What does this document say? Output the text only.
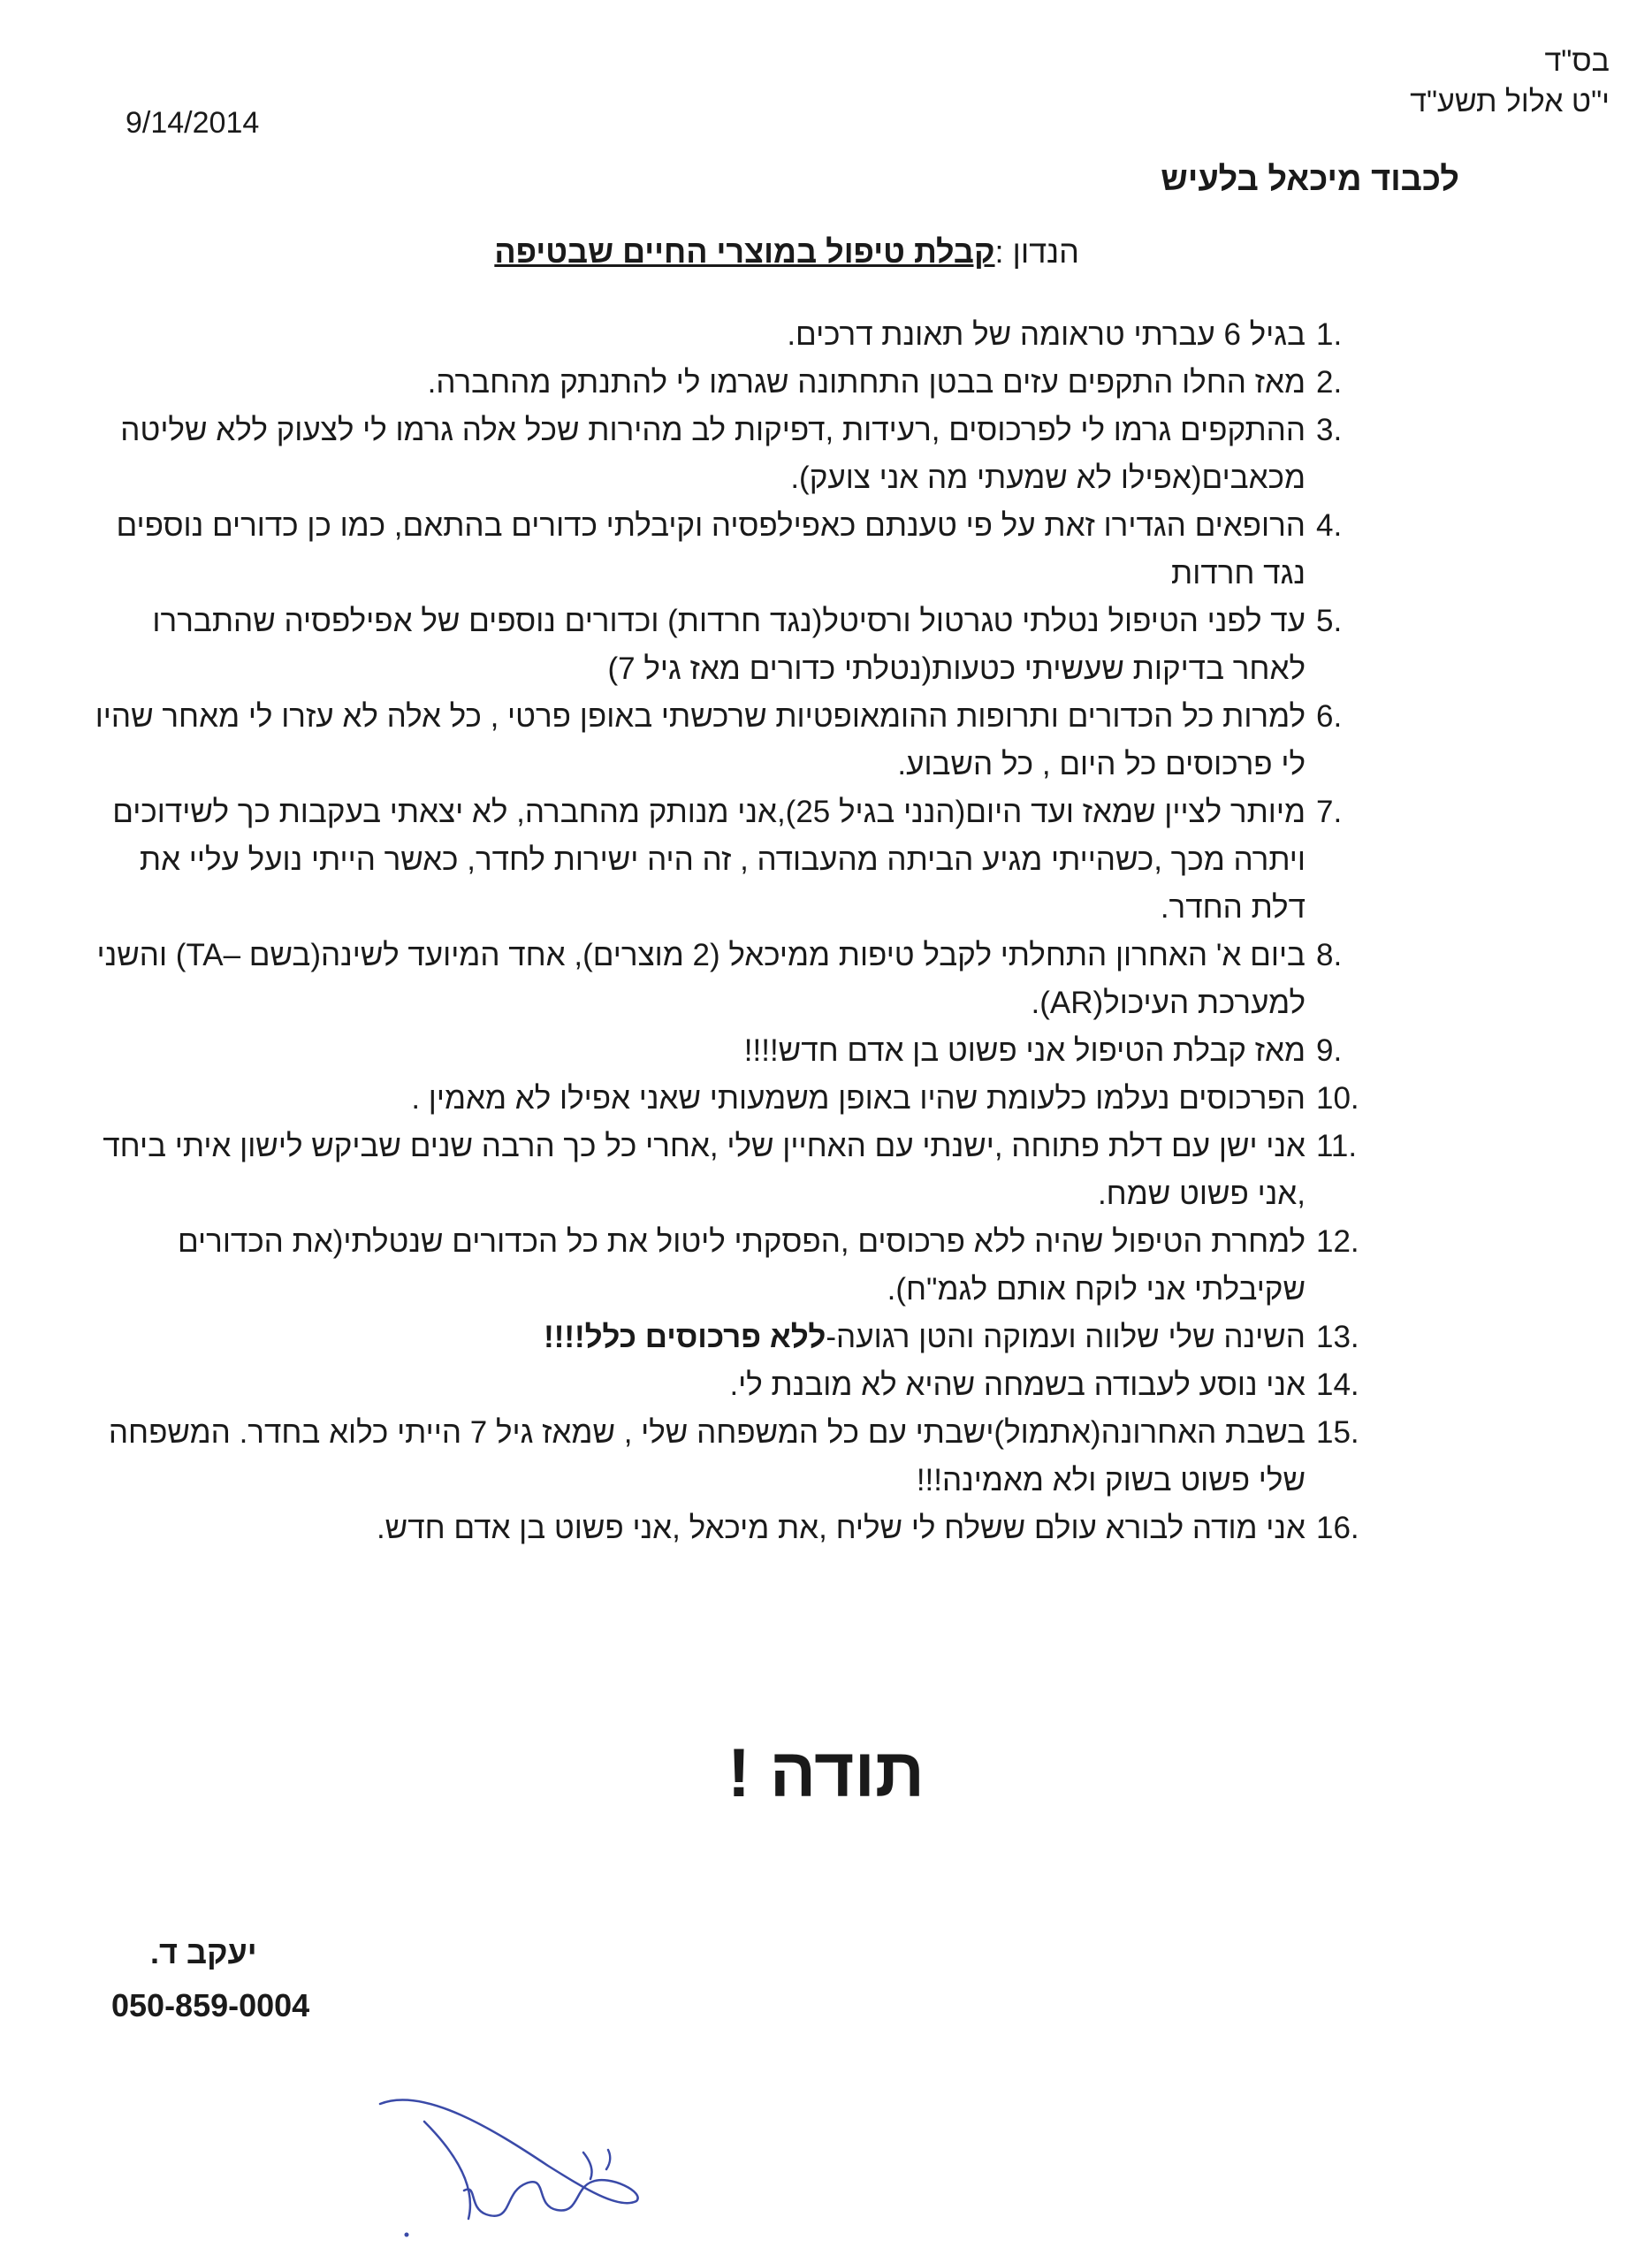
בס"ד
י"ט אלול תשע"ד
9/14/2014
לכבוד מיכאל בלעיש
הנדון :קבלת טיפול במוצרי החיים שבטיפה
1.
בגיל 6 עברתי טראומה של תאונת דרכים.
2.
מאז החלו התקפים עזים בבטן התחתונה שגרמו לי להתנתק מהחברה.
3.
ההתקפים גרמו לי לפרכוסים ,רעידות ,דפיקות לב מהירות שכל אלה גרמו לי לצעוק ללא שליטה מכאבים(אפילו לא שמעתי מה אני צועק).
4.
הרופאים הגדירו זאת על פי טענתם כאפילפסיה וקיבלתי כדורים בהתאם, כמו כן כדורים נוספים נגד חרדות
5.
עד לפני הטיפול נטלתי טגרטול ורסיטל(נגד חרדות) וכדורים נוספים של אפילפסיה שהתבררו לאחר בדיקות שעשיתי כטעות(נטלתי כדורים מאז גיל 7)
6.
למרות כל הכדורים ותרופות ההומאופטיות שרכשתי באופן פרטי , כל אלה לא עזרו לי מאחר שהיו לי פרכוסים כל היום , כל השבוע.
7.
מיותר לציין שמאז ועד היום(הנני בגיל 25),אני מנותק מהחברה, לא יצאתי בעקבות כך לשידוכים ויתרה מכך ,כשהייתי מגיע הביתה מהעבודה , זה היה ישירות לחדר, כאשר הייתי נועל עליי את דלת החדר.
8.
ביום א' האחרון התחלתי לקבל טיפות ממיכאל (2 מוצרים), אחד המיועד לשינה(בשם –TA) והשני למערכת העיכול(AR).
9.
מאז קבלת הטיפול אני פשוט בן אדם חדש!!!!
10.
הפרכוסים נעלמו כלעומת שהיו באופן משמעותי שאני אפילו לא מאמין .
11.
אני ישן עם דלת פתוחה ,ישנתי עם האחיין שלי ,אחרי כל כך הרבה שנים שביקש לישון איתי ביחד ,אני פשוט שמח.
12.
למחרת הטיפול שהיה ללא פרכוסים ,הפסקתי ליטול את כל הכדורים שנטלתי(את הכדורים שקיבלתי אני לוקח אותם לגמ"ח).
13.
השינה שלי שלווה ועמוקה והטן רגועה-ללא פרכוסים כלל!!!!
14.
אני נוסע לעבודה בשמחה שהיא לא מובנת לי.
15.
בשבת האחרונה(אתמול)ישבתי עם כל המשפחה שלי , שמאז גיל 7 הייתי כלוא בחדר. המשפחה שלי פשוט בשוק ולא מאמינה!!!
16.
אני מודה לבורא עולם ששלח לי שליח ,את מיכאל ,אני פשוט בן אדם חדש.
תודה !
יעקב ד.
050-859-0004
